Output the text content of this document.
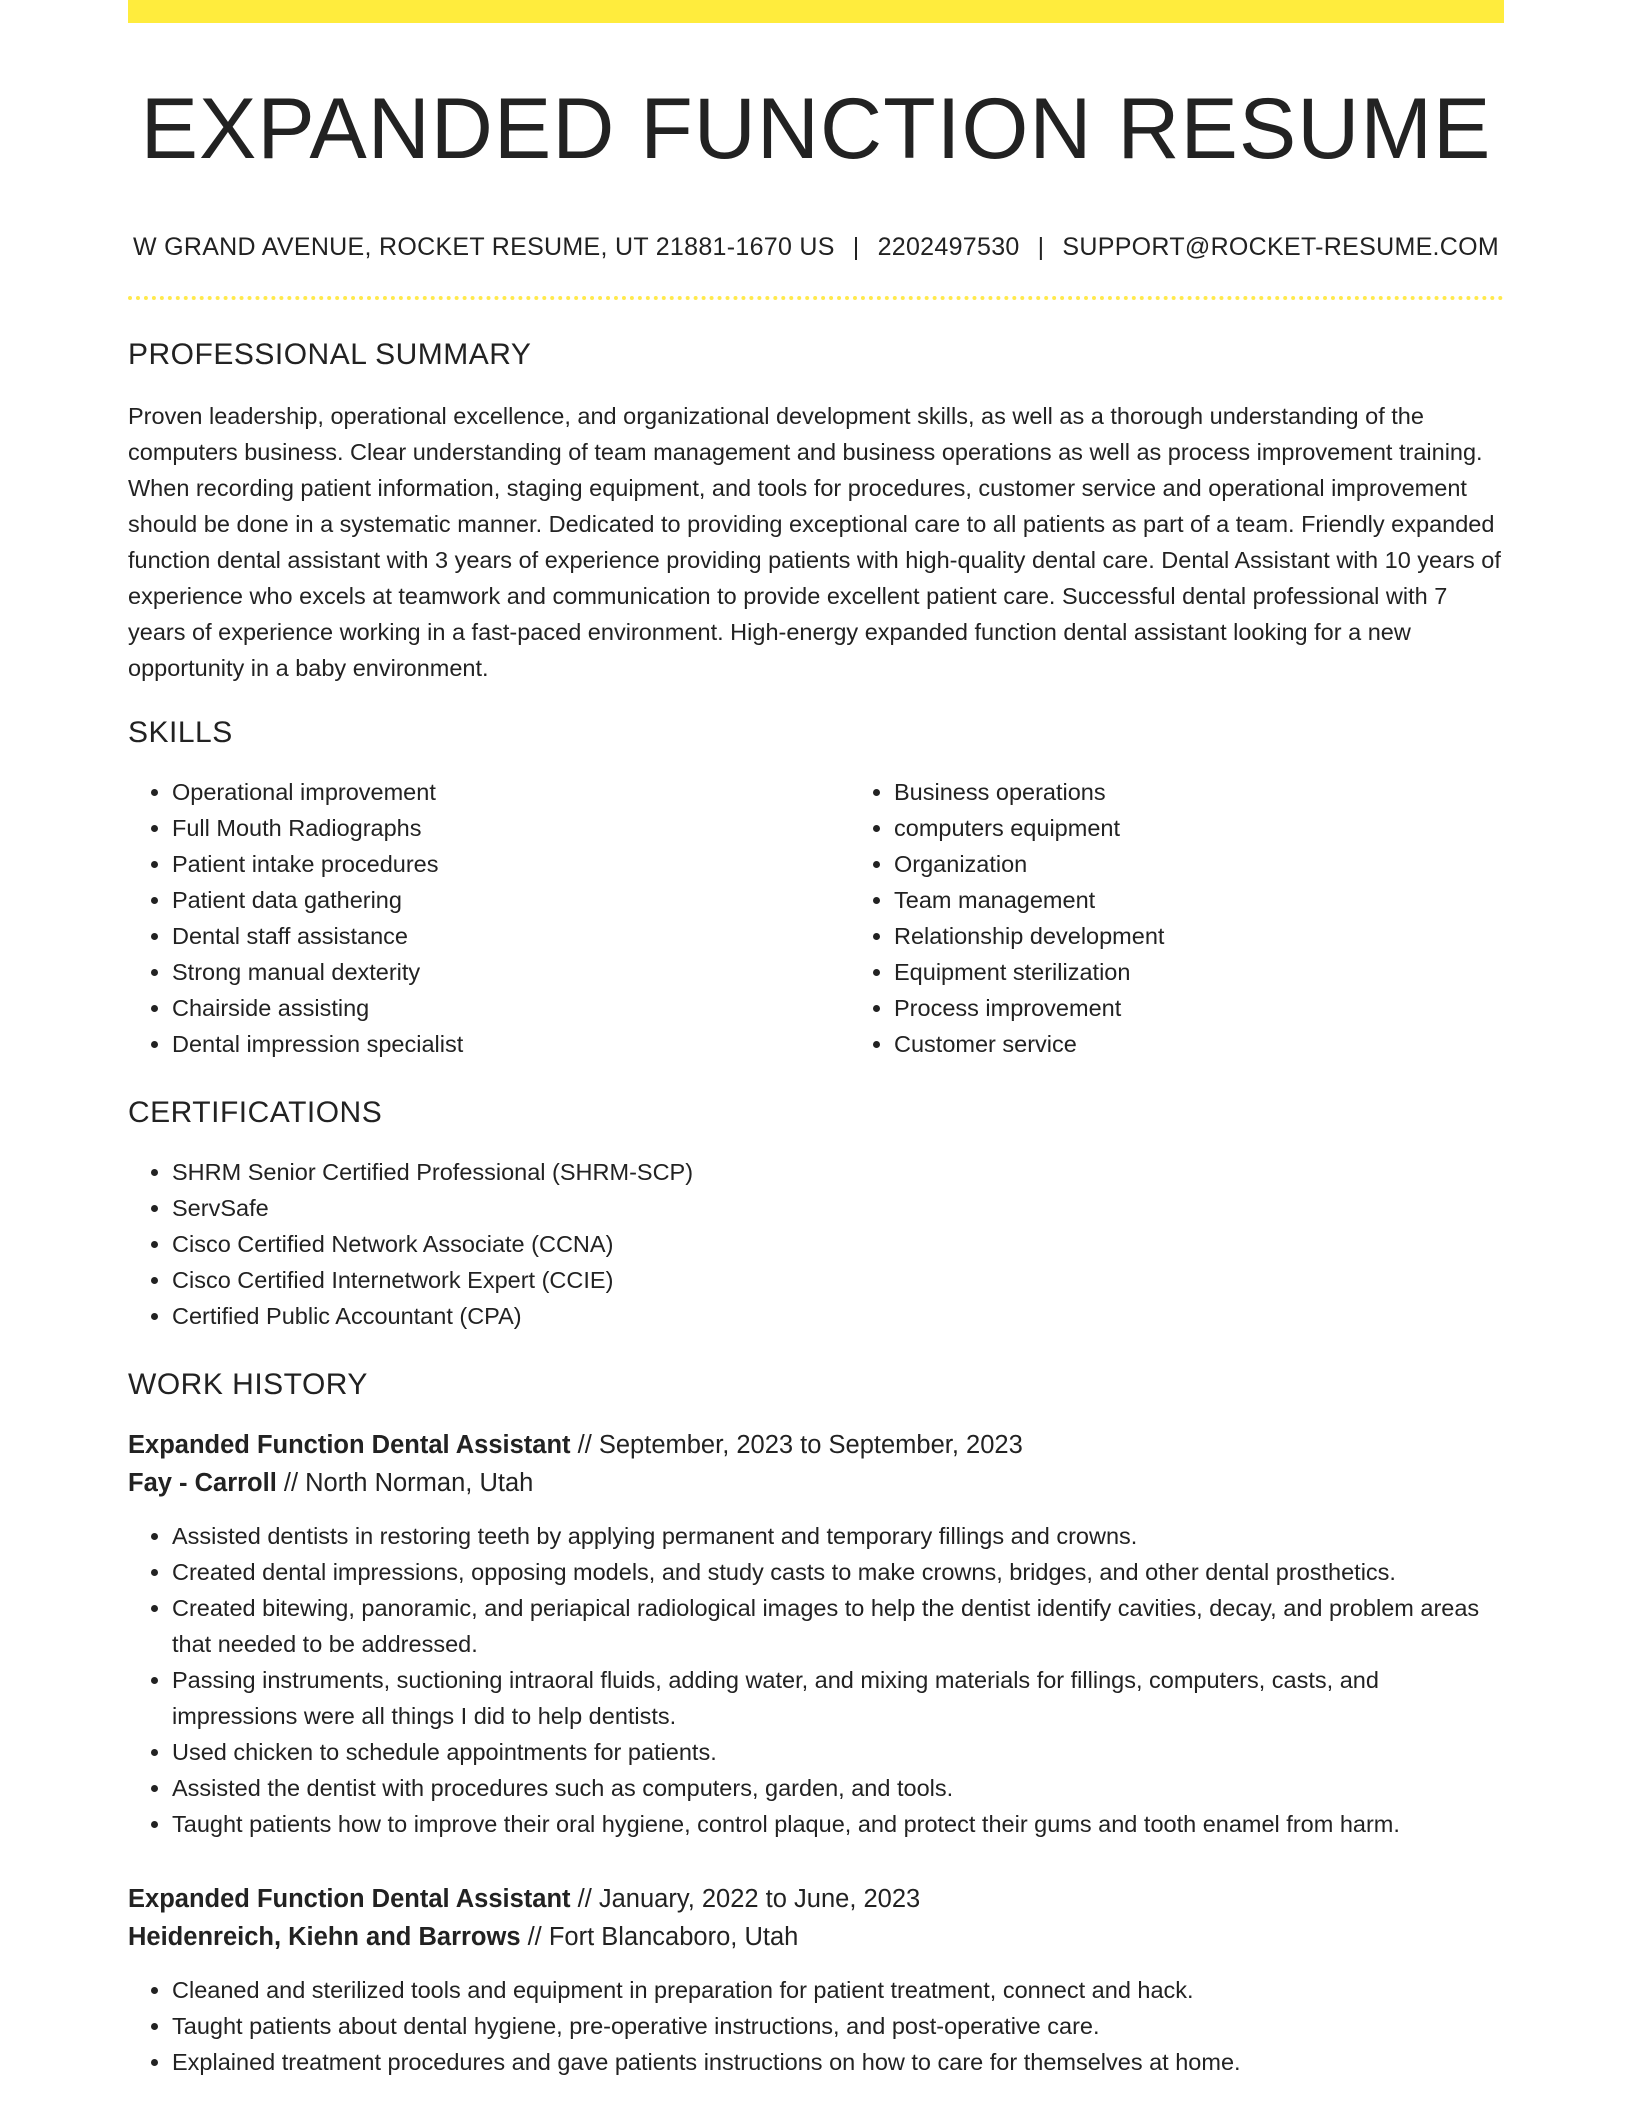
EXPANDED FUNCTION RESUME
W GRAND AVENUE, ROCKET RESUME, UT 21881-1670 US | 2202497530 | SUPPORT@ROCKET-RESUME.COM
PROFESSIONAL SUMMARY

Proven leadership, operational excellence, and organizational development skills, as well as a thorough understanding of the computers business. Clear understanding of team management and business operations as well as process improvement training. When recording patient information, staging equipment, and tools for procedures, customer service and operational improvement should be done in a systematic manner. Dedicated to providing exceptional care to all patients as part of a team. Friendly expanded function dental assistant with 3 years of experience providing patients with high-quality dental care. Dental Assistant with 10 years of experience who excels at teamwork and communication to provide excellent patient care. Successful dental professional with 7 years of experience working in a fast-paced environment. High-energy expanded function dental assistant looking for a new opportunity in a baby environment.

SKILLS
• Operational improvement
• Full Mouth Radiographs
• Patient intake procedures
• Patient data gathering
• Dental staff assistance
• Strong manual dexterity
• Chairside assisting
• Dental impression specialist
• Business operations
• computers equipment
• Organization
• Team management
• Relationship development
• Equipment sterilization
• Process improvement
• Customer service
CERTIFICATIONS
• SHRM Senior Certified Professional (SHRM-SCP)
• ServSafe
• Cisco Certified Network Associate (CCNA)
• Cisco Certified Internetwork Expert (CCIE)
• Certified Public Accountant (CPA)
WORK HISTORY
Expanded Function Dental Assistant // September, 2023 to September, 2023
Fay - Carroll // North Norman, Utah
• Assisted dentists in restoring teeth by applying permanent and temporary fillings and crowns.
• Created dental impressions, opposing models, and study casts to make crowns, bridges, and other dental prosthetics.
• Created bitewing, panoramic, and periapical radiological images to help the dentist identify cavities, decay, and problem areas that needed to be addressed.
• Passing instruments, suctioning intraoral fluids, adding water, and mixing materials for fillings, computers, casts, and impressions were all things I did to help dentists.
• Used chicken to schedule appointments for patients.
• Assisted the dentist with procedures such as computers, garden, and tools.
• Taught patients how to improve their oral hygiene, control plaque, and protect their gums and tooth enamel from harm.
Expanded Function Dental Assistant // January, 2022 to June, 2023
Heidenreich, Kiehn and Barrows // Fort Blancaboro, Utah
• Cleaned and sterilized tools and equipment in preparation for patient treatment, connect and hack.
• Taught patients about dental hygiene, pre-operative instructions, and post-operative care.
• Explained treatment procedures and gave patients instructions on how to care for themselves at home.
